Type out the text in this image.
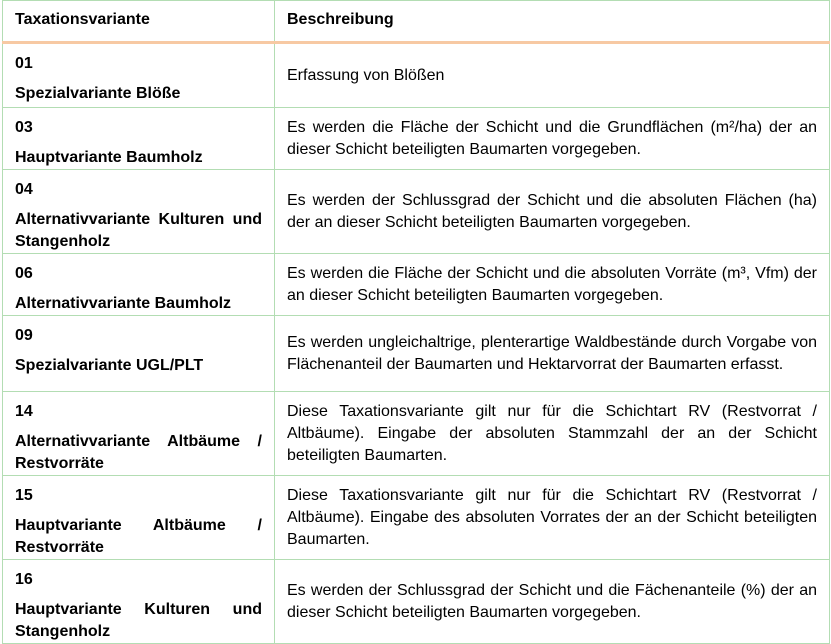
Taxationsvariante	Beschreibung

01
Spezialvariante Blöße	Erfassung von Blößen

03
Hauptvariante Baumholz	Es werden die Fläche der Schicht und die Grundflächen (m²/ha) der an dieser Schicht beteiligten Baumarten vorgegeben.

04
Alternativvariante Kulturen und Stangenholz	Es werden der Schlussgrad der Schicht und die absoluten Flächen (ha) der an dieser Schicht beteiligten Baumarten vorgegeben.

06
Alternativvariante Baumholz	Es werden die Fläche der Schicht und die absoluten Vorräte (m³, Vfm) der an dieser Schicht beteiligten Baumarten vorgegeben.

09
Spezialvariante UGL/PLT	Es werden ungleichaltrige, plenterartige Waldbestände durch Vorgabe von Flächenanteil der Baumarten und Hektarvorrat der Baumarten erfasst.

14
Alternativvariante Altbäume / Restvorräte	Diese Taxationsvariante gilt nur für die Schichtart RV (Restvorrat / Altbäume). Eingabe der absoluten Stammzahl der an der Schicht beteiligten Baumarten.

15
Hauptvariante Altbäume / Restvorräte	Diese Taxationsvariante gilt nur für die Schichtart RV (Restvorrat / Altbäume). Eingabe des absoluten Vorrates der an der Schicht beteiligten Baumarten.

16
Hauptvariante Kulturen und Stangenholz	Es werden der Schlussgrad der Schicht und die Fächenanteile (%) der an dieser Schicht beteiligten Baumarten vorgegeben.
